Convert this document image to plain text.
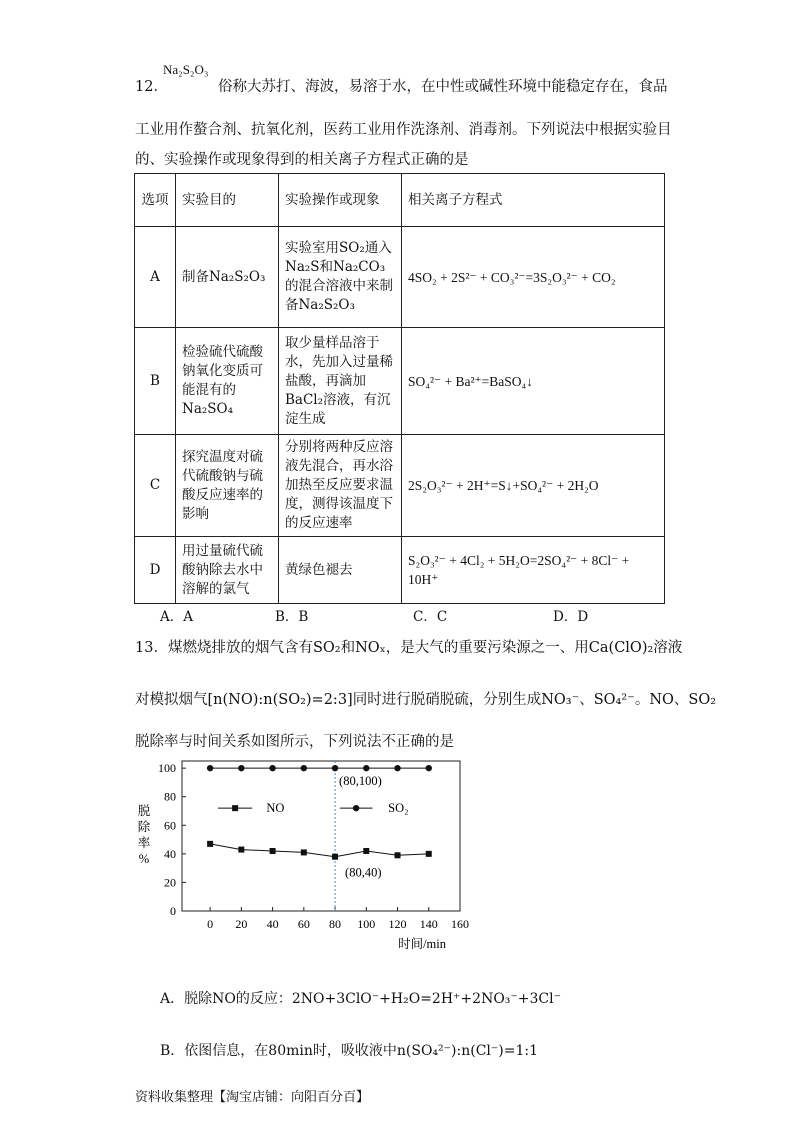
12．
Na₂S₂O₃
俗称大苏打、海波，易溶于水，在中性或碱性环境中能稳定存在，食品
工业用作螯合剂、抗氧化剂，医药工业用作洗涤剂、消毒剂。下列说法中根据实验目
的、实验操作或现象得到的相关离子方程式正确的是
选项	实验目的	实验操作或现象	相关离子方程式
A	制备Na₂S₂O₃	实验室用SO₂通入Na₂S和Na₂CO₃的混合溶液中来制备Na₂S₂O₃	4SO₂ + 2S²⁻ + CO₃²⁻=3S₂O₃²⁻ + CO₂
B	检验硫代硫酸钠氧化变质可能混有的Na₂SO₄	取少量样品溶于水，先加入过量稀盐酸，再滴加BaCl₂溶液，有沉淀生成	SO₄²⁻ + Ba²⁺=BaSO₄↓
C	探究温度对硫代硫酸钠与硫酸反应速率的影响	分别将两种反应溶液先混合，再水浴加热至反应要求温度，测得该温度下的反应速率	2S₂O₃²⁻ + 2H⁺=S↓+SO₄²⁻ + 2H₂O
D	用过量硫代硫酸钠除去水中溶解的氯气	黄绿色褪去	S₂O₃²⁻ + 4Cl₂ + 5H₂O=2SO₄²⁻ + 8Cl⁻ + 10H⁺
A．A	B．B	C．C	D．D
13．煤燃烧排放的烟气含有SO₂和NOₓ，是大气的重要污染源之一、用Ca(ClO)₂溶液
对模拟烟气[n(NO):n(SO₂)=2:3]同时进行脱硝脱硫，分别生成NO₃⁻、SO₄²⁻。NO、SO₂
脱除率与时间关系如图所示，下列说法不正确的是
0
20
40
60
80
100
0 20 40 60 80 100 120 140 160
时间/min
脱
除
率
%
NO	SO₂
(80,100)
(80,40)
A．脱除NO的反应：2NO+3ClO⁻+H₂O=2H⁺+2NO₃⁻+3Cl⁻
B．依图信息，在80min时，吸收液中n(SO₄²⁻):n(Cl⁻)=1:1
资料收集整理【淘宝店铺：向阳百分百】
